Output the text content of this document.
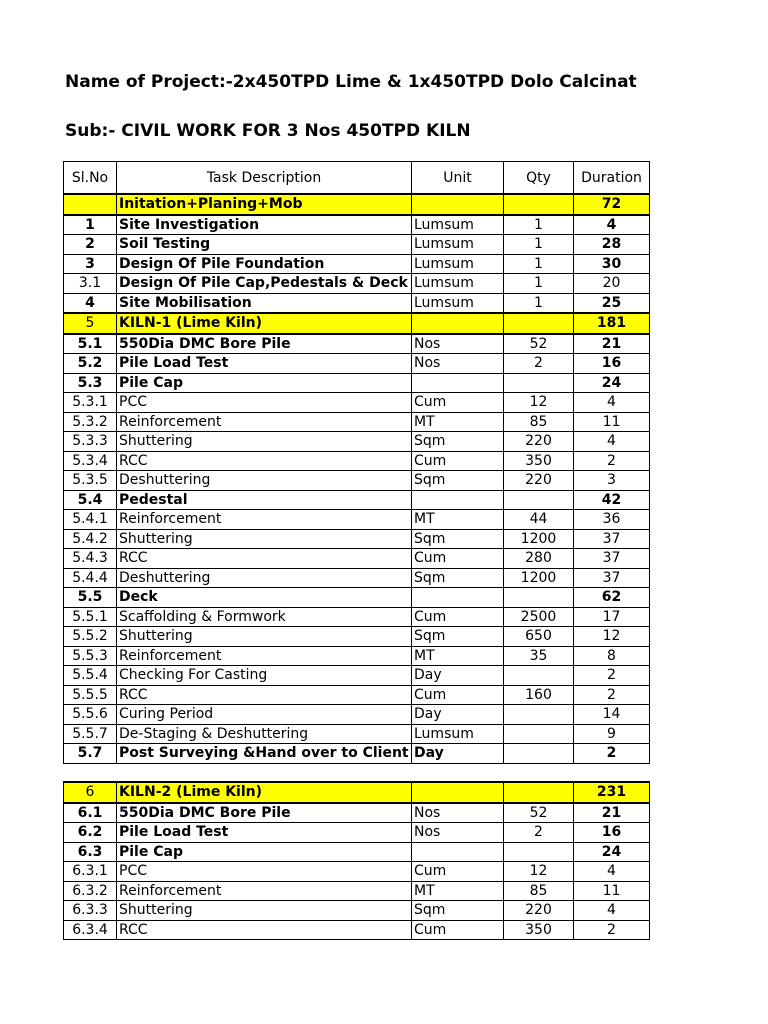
Name of Project:-2x450TPD Lime & 1x450TPD Dolo Calcinat
Sub:- CIVIL WORK FOR 3 Nos 450TPD KILN
Sl.No	Task Description	Unit	Qty	Duration
	Initation+Planing+Mob			72
1	Site Investigation	Lumsum	1	4
2	Soil Testing	Lumsum	1	28
3	Design Of Pile Foundation	Lumsum	1	30
3.1	Design Of Pile Cap,Pedestals & Deck	Lumsum	1	20
4	Site Mobilisation	Lumsum	1	25
5	KILN-1 (Lime Kiln)			181
5.1	550Dia DMC Bore Pile	Nos	52	21
5.2	Pile Load Test	Nos	2	16
5.3	Pile Cap			24
5.3.1	PCC	Cum	12	4
5.3.2	Reinforcement	MT	85	11
5.3.3	Shuttering	Sqm	220	4
5.3.4	RCC	Cum	350	2
5.3.5	Deshuttering	Sqm	220	3
5.4	Pedestal			42
5.4.1	Reinforcement	MT	44	36
5.4.2	Shuttering	Sqm	1200	37
5.4.3	RCC	Cum	280	37
5.4.4	Deshuttering	Sqm	1200	37
5.5	Deck			62
5.5.1	Scaffolding & Formwork	Cum	2500	17
5.5.2	Shuttering	Sqm	650	12
5.5.3	Reinforcement	MT	35	8
5.5.4	Checking For Casting	Day		2
5.5.5	RCC	Cum	160	2
5.5.6	Curing Period	Day		14
5.5.7	De-Staging & Deshuttering	Lumsum		9
5.7	Post Surveying &Hand over to Client	Day		2
6	KILN-2 (Lime Kiln)			231
6.1	550Dia DMC Bore Pile	Nos	52	21
6.2	Pile Load Test	Nos	2	16
6.3	Pile Cap			24
6.3.1	PCC	Cum	12	4
6.3.2	Reinforcement	MT	85	11
6.3.3	Shuttering	Sqm	220	4
6.3.4	RCC	Cum	350	2
